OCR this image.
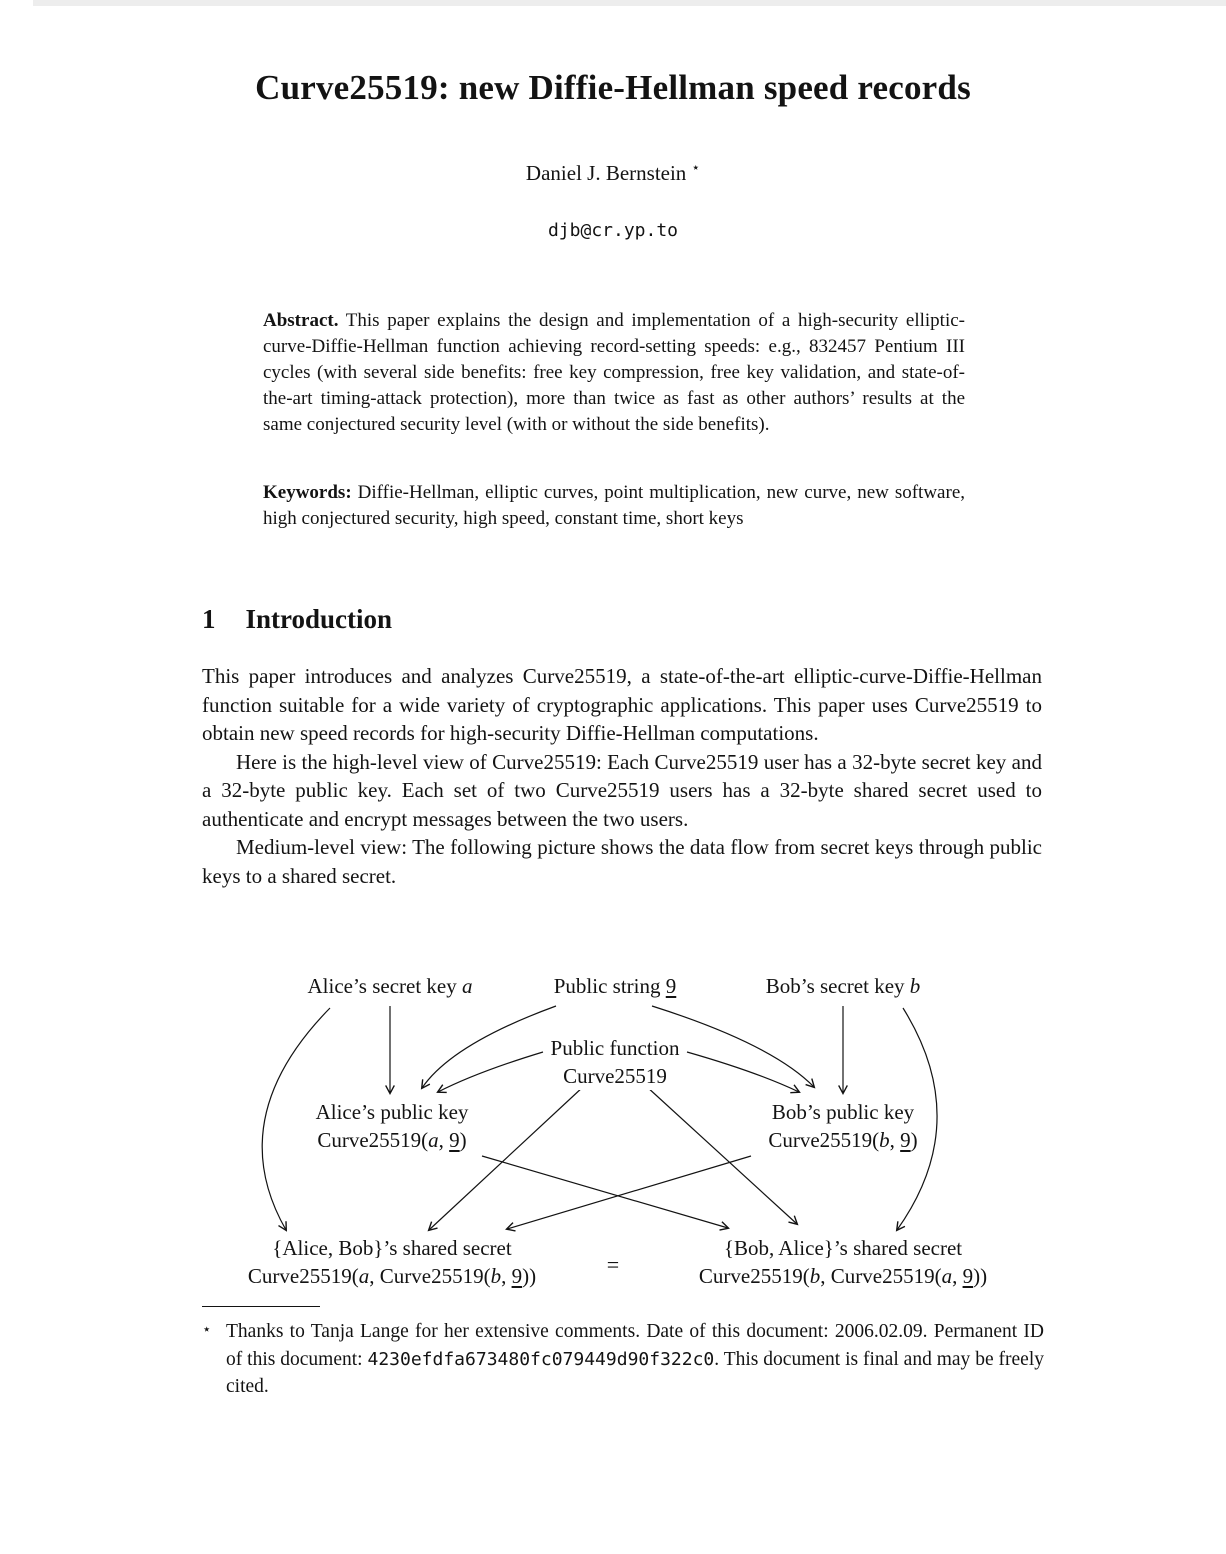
Curve25519: new Diffie-Hellman speed records
Daniel J. Bernstein ⋆
djb@cr.yp.to
Abstract. This paper explains the design and implementation of a high-security elliptic-curve-Diffie-Hellman function achieving record-setting speeds: e.g., 832457 Pentium III cycles (with several side benefits: free key compression, free key validation, and state-of-the-art timing-attack protection), more than twice as fast as other authors’ results at the same conjectured security level (with or without the side benefits).
Keywords: Diffie-Hellman, elliptic curves, point multiplication, new curve, new software, high conjectured security, high speed, constant time, short keys
1 Introduction

This paper introduces and analyzes Curve25519, a state-of-the-art elliptic-curve-Diffie-Hellman function suitable for a wide variety of cryptographic applications. This paper uses Curve25519 to obtain new speed records for high-security Diffie-Hellman computations.

Here is the high-level view of Curve25519: Each Curve25519 user has a 32-byte secret key and a 32-byte public key. Each set of two Curve25519 users has a 32-byte shared secret used to authenticate and encrypt messages between the two users.

Medium-level view: The following picture shows the data flow from secret keys through public keys to a shared secret.

Alice’s secret key a	Public string 9	Bob’s secret key b
Public function
Curve25519
Alice’s public key
Curve25519(a, 9)
Bob’s public key
Curve25519(b, 9)
{Alice, Bob}’s shared secret
Curve25519(a, Curve25519(b, 9))	=
{Bob, Alice}’s shared secret
Curve25519(b, Curve25519(a, 9))
⋆ Thanks to Tanja Lange for her extensive comments. Date of this document: 2006.02.09. Permanent ID of this document: 4230efdfa673480fc079449d90f322c0. This document is final and may be freely cited.
